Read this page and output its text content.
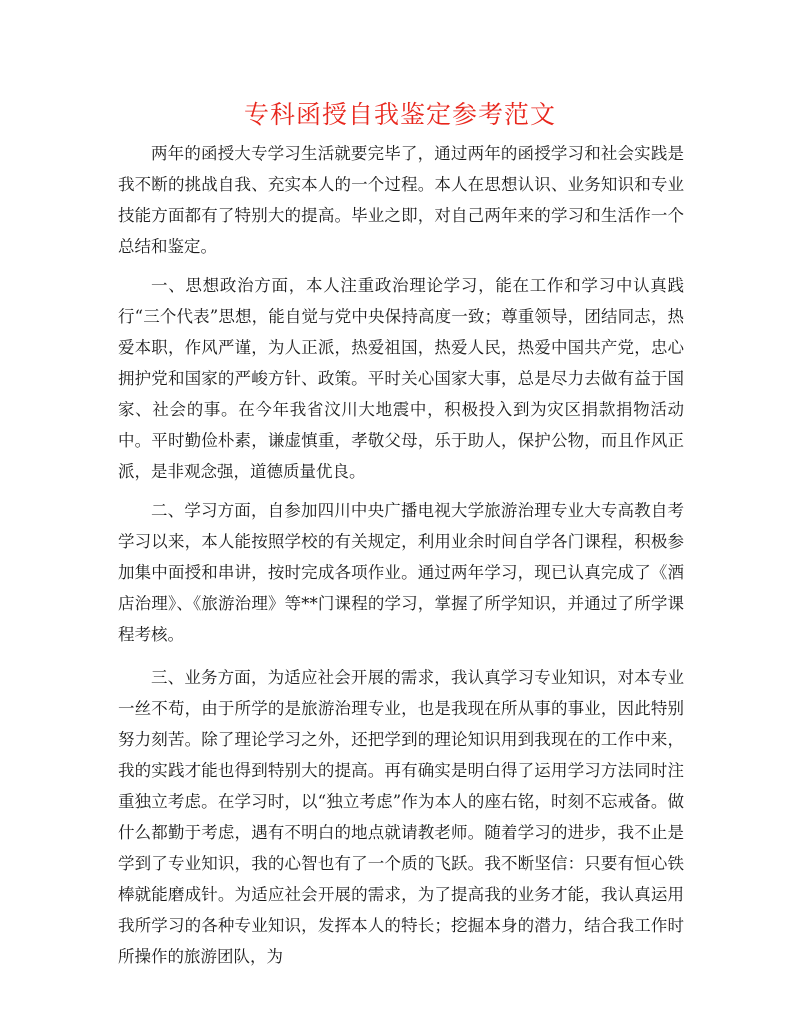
专科函授自我鉴定参考范文

两年的函授大专学习生活就要完毕了，通过两年的函授学习和社会实践是我不断的挑战自我、充实本人的一个过程。本人在思想认识、业务知识和专业技能方面都有了特别大的提高。毕业之即，对自己两年来的学习和生活作一个总结和鉴定。

一、思想政治方面，本人注重政治理论学习，能在工作和学习中认真践行“三个代表”思想，能自觉与党中央保持高度一致；尊重领导，团结同志，热爱本职，作风严谨，为人正派，热爱祖国，热爱人民，热爱中国共产党，忠心拥护党和国家的严峻方针、政策。平时关心国家大事，总是尽力去做有益于国家、社会的事。在今年我省汶川大地震中，积极投入到为灾区捐款捐物活动中。平时勤俭朴素，谦虚慎重，孝敬父母，乐于助人，保护公物，而且作风正派，是非观念强，道德质量优良。

二、学习方面，自参加四川中央广播电视大学旅游治理专业大专高教自考学习以来，本人能按照学校的有关规定，利用业余时间自学各门课程，积极参加集中面授和串讲，按时完成各项作业。通过两年学习，现已认真完成了《酒店治理》、《旅游治理》等**门课程的学习，掌握了所学知识，并通过了所学课程考核。

三、业务方面，为适应社会开展的需求，我认真学习专业知识，对本专业一丝不苟，由于所学的是旅游治理专业，也是我现在所从事的事业，因此特别努力刻苦。除了理论学习之外，还把学到的理论知识用到我现在的工作中来，我的实践才能也得到特别大的提高。再有确实是明白得了运用学习方法同时注重独立考虑。在学习时，以“独立考虑”作为本人的座右铭，时刻不忘戒备。做什么都勤于考虑，遇有不明白的地点就请教老师。随着学习的进步，我不止是学到了专业知识，我的心智也有了一个质的飞跃。我不断坚信：只要有恒心铁棒就能磨成针。为适应社会开展的需求，为了提高我的业务才能，我认真运用我所学习的各种专业知识，发挥本人的特长；挖掘本身的潜力，结合我工作时所操作的旅游团队，为
